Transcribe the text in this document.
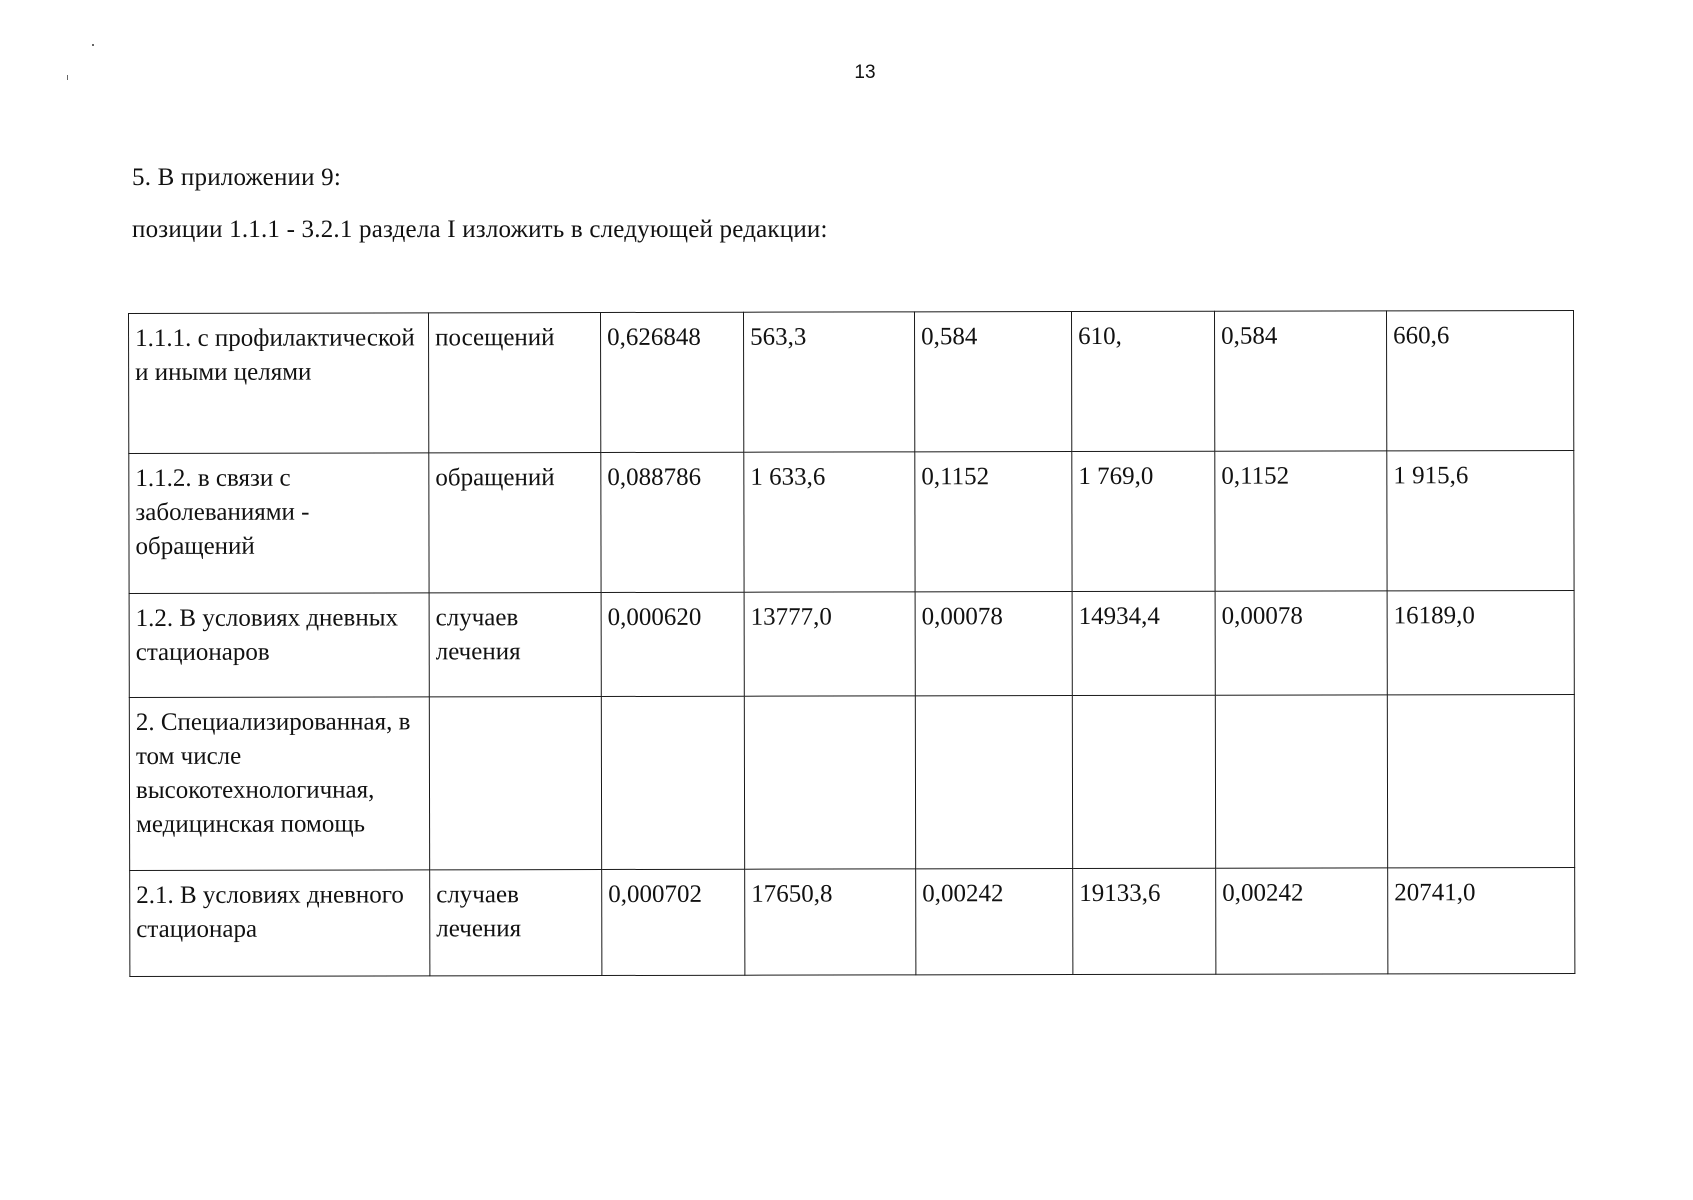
13
5. В приложении 9:
позиции 1.1.1 - 3.2.1 раздела I изложить в следующей редакции:
1.1.1. с профилактической и иными целями	посещений	0,626848	563,3	0,584	610,	0,584	660,6
1.1.2. в связи с заболеваниями - обращений	обращений	0,088786	1 633,6	0,1152	1 769,0	0,1152	1 915,6
1.2. В условиях дневных стационаров	случаев лечения	0,000620	13777,0	0,00078	14934,4	0,00078	16189,0
2. Специализированная, в том числе высокотехнологичная, медицинская помощь							
2.1. В условиях дневного стационара	случаев лечения	0,000702	17650,8	0,00242	19133,6	0,00242	20741,0
